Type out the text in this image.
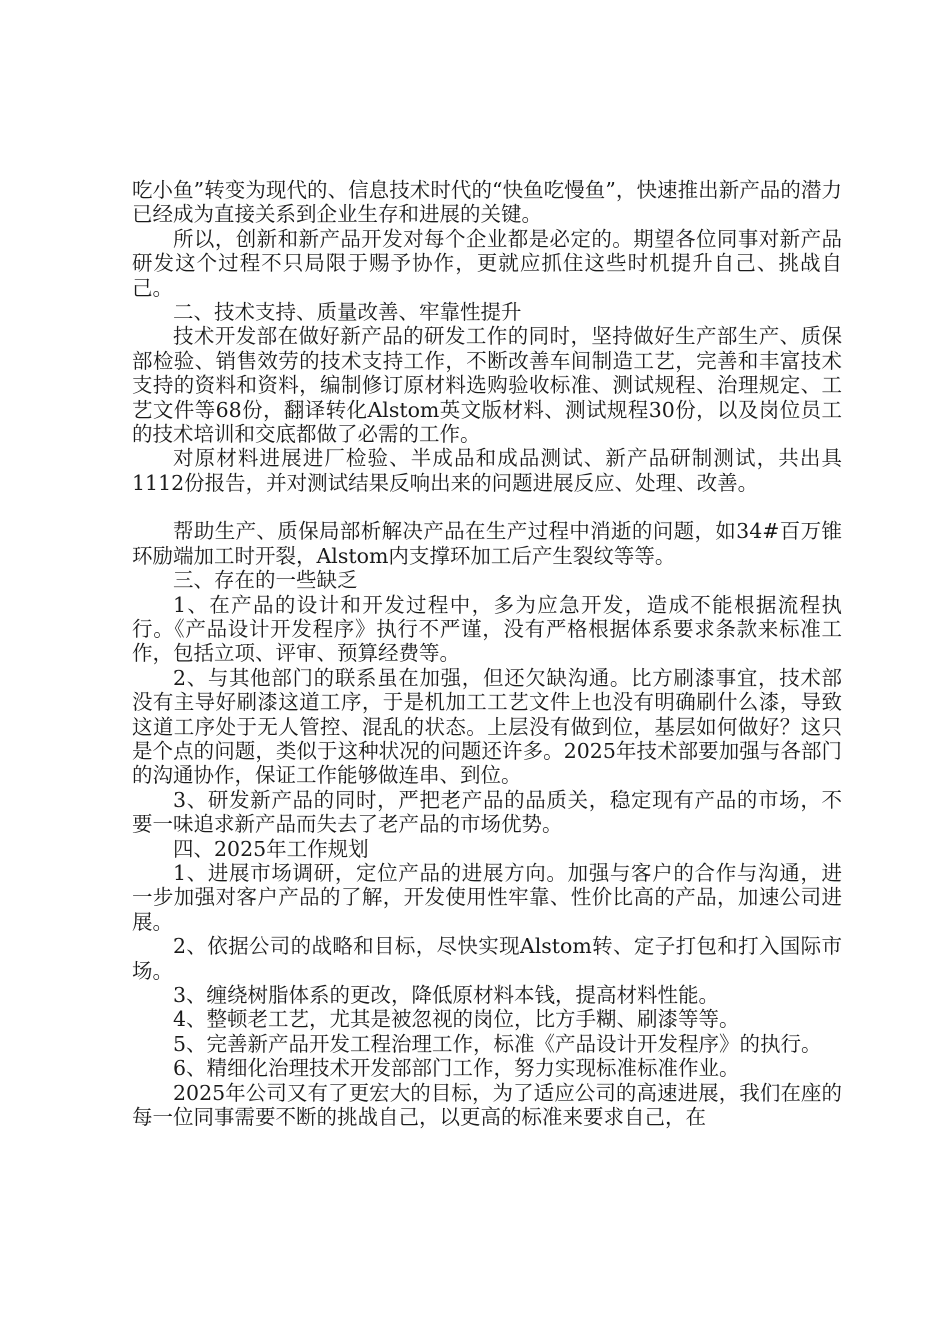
吃小鱼”转变为现代的、信息技术时代的“快鱼吃慢鱼”，快速推出新产品的潜力已经成为直接关系到企业生存和进展的关键。

所以，创新和新产品开发对每个企业都是必定的。期望各位同事对新产品研发这个过程不只局限于赐予协作，更就应抓住这些时机提升自己、挑战自己。

二、技术支持、质量改善、牢靠性提升

技术开发部在做好新产品的研发工作的同时，坚持做好生产部生产、质保部检验、销售效劳的技术支持工作，不断改善车间制造工艺，完善和丰富技术支持的资料和资料，编制修订原材料选购验收标准、测试规程、治理规定、工艺文件等68份，翻译转化Alstom英文版材料、测试规程30份，以及岗位员工的技术培训和交底都做了必需的工作。

对原材料进展进厂检验、半成品和成品测试、新产品研制测试，共出具1112份报告，并对测试结果反响出来的问题进展反应、处理、改善。

帮助生产、质保局部析解决产品在生产过程中消逝的问题，如34#百万锥环励端加工时开裂，Alstom内支撑环加工后产生裂纹等等。

三、存在的一些缺乏

1、在产品的设计和开发过程中，多为应急开发，造成不能根据流程执行。《产品设计开发程序》执行不严谨，没有严格根据体系要求条款来标准工作，包括立项、评审、预算经费等。

2、与其他部门的联系虽在加强，但还欠缺沟通。比方刷漆事宜，技术部没有主导好刷漆这道工序，于是机加工工艺文件上也没有明确刷什么漆，导致这道工序处于无人管控、混乱的状态。上层没有做到位，基层如何做好？这只是个点的问题，类似于这种状况的问题还许多。2025年技术部要加强与各部门的沟通协作，保证工作能够做连串、到位。

3、研发新产品的同时，严把老产品的品质关，稳定现有产品的市场，不要一味追求新产品而失去了老产品的市场优势。

四、2025年工作规划

1、进展市场调研，定位产品的进展方向。加强与客户的合作与沟通，进一步加强对客户产品的了解，开发使用性牢靠、性价比高的产品，加速公司进展。

2、依据公司的战略和目标，尽快实现Alstom转、定子打包和打入国际市场。

3、缠绕树脂体系的更改，降低原材料本钱，提高材料性能。

4、整顿老工艺，尤其是被忽视的岗位，比方手糊、刷漆等等。

5、完善新产品开发工程治理工作，标准《产品设计开发程序》的执行。

6、精细化治理技术开发部部门工作，努力实现标准标准作业。

2025年公司又有了更宏大的目标，为了适应公司的高速进展，我们在座的每一位同事需要不断的挑战自己，以更高的标准来要求自己，在
